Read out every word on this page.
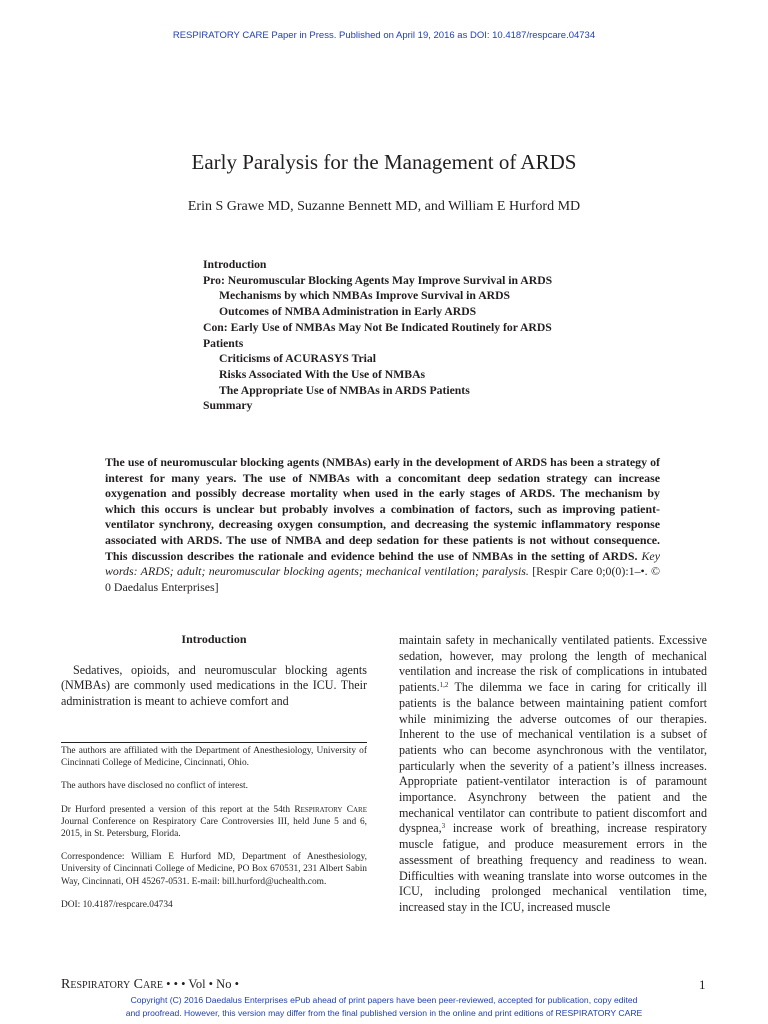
RESPIRATORY CARE Paper in Press. Published on April 19, 2016 as DOI: 10.4187/respcare.04734
Early Paralysis for the Management of ARDS
Erin S Grawe MD, Suzanne Bennett MD, and William E Hurford MD
Introduction
Pro: Neuromuscular Blocking Agents May Improve Survival in ARDS
Mechanisms by which NMBAs Improve Survival in ARDS
Outcomes of NMBA Administration in Early ARDS
Con: Early Use of NMBAs May Not Be Indicated Routinely for ARDS
Patients
Criticisms of ACURASYS Trial
Risks Associated With the Use of NMBAs
The Appropriate Use of NMBAs in ARDS Patients
Summary
The use of neuromuscular blocking agents (NMBAs) early in the development of ARDS has been a strategy of interest for many years. The use of NMBAs with a concomitant deep sedation strategy can increase oxygenation and possibly decrease mortality when used in the early stages of ARDS. The mechanism by which this occurs is unclear but probably involves a combination of factors, such as improving patient-ventilator synchrony, decreasing oxygen consumption, and decreasing the systemic inflammatory response associated with ARDS. The use of NMBA and deep sedation for these patients is not without consequence. This discussion describes the rationale and evidence behind the use of NMBAs in the setting of ARDS. Key words: ARDS; adult; neuromuscular blocking agents; mechanical ventilation; paralysis. [Respir Care 0;0(0):1–•. © 0 Daedalus Enterprises]

Introduction

Sedatives, opioids, and neuromuscular blocking agents (NMBAs) are commonly used medications in the ICU. Their administration is meant to achieve comfort and

The authors are affiliated with the Department of Anesthesiology, University of Cincinnati College of Medicine, Cincinnati, Ohio.

The authors have disclosed no conflict of interest.

Dr Hurford presented a version of this report at the 54th Respiratory Care Journal Conference on Respiratory Care Controversies III, held June 5 and 6, 2015, in St. Petersburg, Florida.

Correspondence: William E Hurford MD, Department of Anesthesiology, University of Cincinnati College of Medicine, PO Box 670531, 231 Albert Sabin Way, Cincinnati, OH 45267-0531. E-mail: bill.hurford@uchealth.com.

DOI: 10.4187/respcare.04734

maintain safety in mechanically ventilated patients. Excessive sedation, however, may prolong the length of mechanical ventilation and increase the risk of complications in intubated patients.$^{1,2}$ The dilemma we face in caring for critically ill patients is the balance between maintaining patient comfort while minimizing the adverse outcomes of our therapies. Inherent to the use of mechanical ventilation is a subset of patients who can become asynchronous with the ventilator, particularly when the severity of a patient’s illness increases. Appropriate patient-ventilator interaction is of paramount importance. Asynchrony between the patient and the mechanical ventilator can contribute to patient discomfort and dyspnea,$^3$ increase work of breathing, increase respiratory muscle fatigue, and produce measurement errors in the assessment of breathing frequency and readiness to wean. Difficulties with weaning translate into worse outcomes in the ICU, including prolonged mechanical ventilation time, increased stay in the ICU, increased muscle

Respiratory Care • • • Vol • No •	1
Copyright (C) 2016 Daedalus Enterprises ePub ahead of print papers have been peer-reviewed, accepted for publication, copy edited
and proofread. However, this version may differ from the final published version in the online and print editions of RESPIRATORY CARE
